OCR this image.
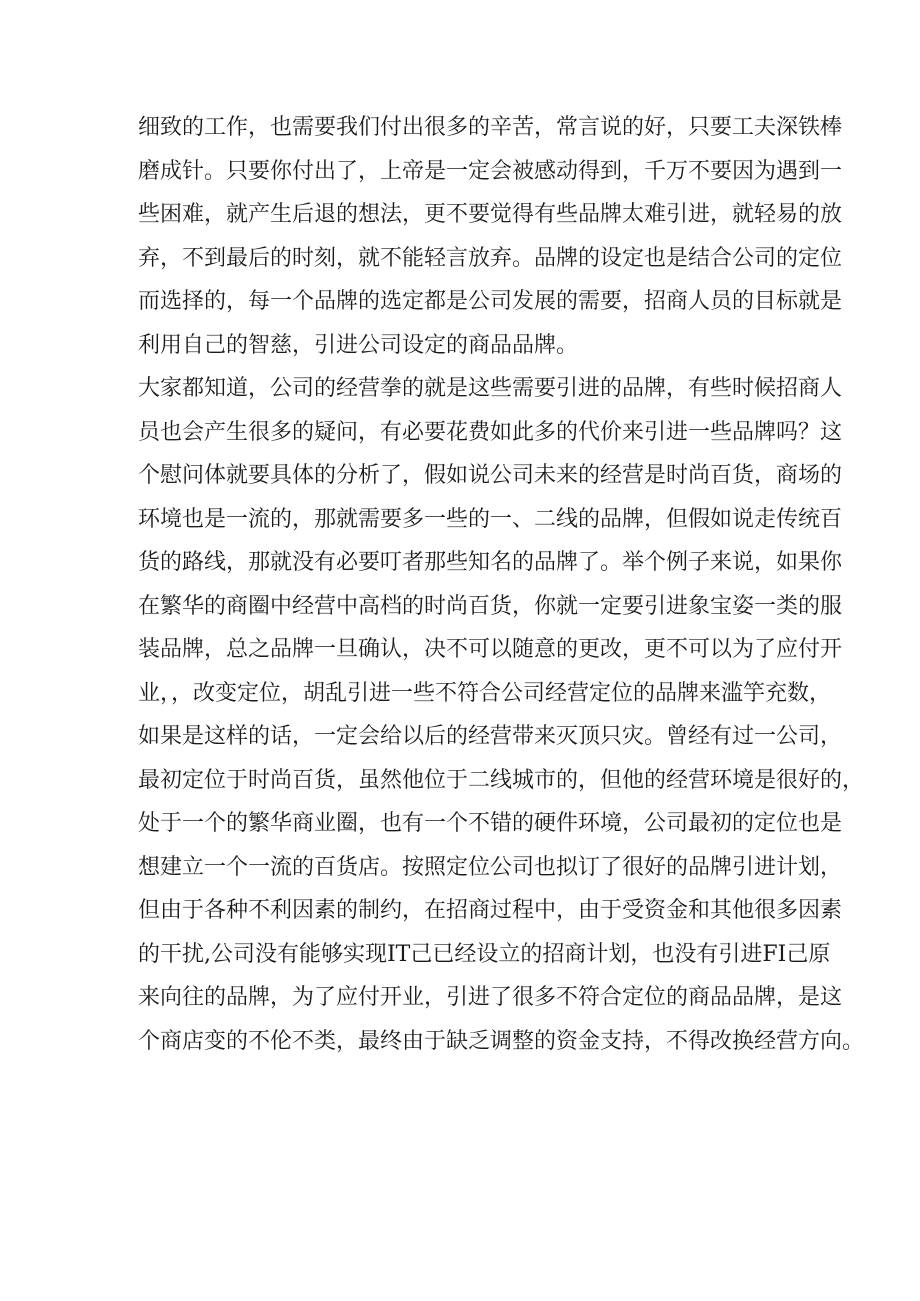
细致的工作，也需要我们付出很多的辛苦，常言说的好，只要工夫深铁棒
磨成针。只要你付出了，上帝是一定会被感动得到，千万不要因为遇到一
些困难，就产生后退的想法，更不要觉得有些品牌太难引进，就轻易的放
弃，不到最后的时刻，就不能轻言放弃。品牌的设定也是结合公司的定位
而选择的，每一个品牌的选定都是公司发展的需要，招商人员的目标就是
利用自己的智慈，引进公司设定的商品品牌。
大家都知道，公司的经营拳的就是这些需要引进的品牌，有些时候招商人
员也会产生很多的疑问，有必要花费如此多的代价来引进一些品牌吗？这
个慰问体就要具体的分析了，假如说公司未来的经营是时尚百货，商场的
环境也是一流的，那就需要多一些的一、二线的品牌，但假如说走传统百
货的路线，那就没有必要叮者那些知名的品牌了。举个例子来说，如果你
在繁华的商圈中经营中高档的时尚百货，你就一定要引进象宝姿一类的服
装品牌，总之品牌一旦确认，决不可以随意的更改，更不可以为了应付开
业，，改变定位，胡乱引进一些不符合公司经营定位的品牌来滥竽充数，
如果是这样的话，一定会给以后的经营带来灭顶只灾。曾经有过一公司，
最初定位于时尚百货，虽然他位于二线城市的，但他的经营环境是很好的，
处于一个的繁华商业圈，也有一个不错的硬件环境，公司最初的定位也是
想建立一个一流的百货店。按照定位公司也拟订了很好的品牌引进计划，
但由于各种不利因素的制约，在招商过程中，由于受资金和其他很多因素
的干扰,公司没有能够实现IT己已经设立的招商计划，也没有引进FI己原
来向往的品牌，为了应付开业，引进了很多不符合定位的商品品牌，是这
个商店变的不伦不类，最终由于缺乏调整的资金支持，不得改换经营方向。
